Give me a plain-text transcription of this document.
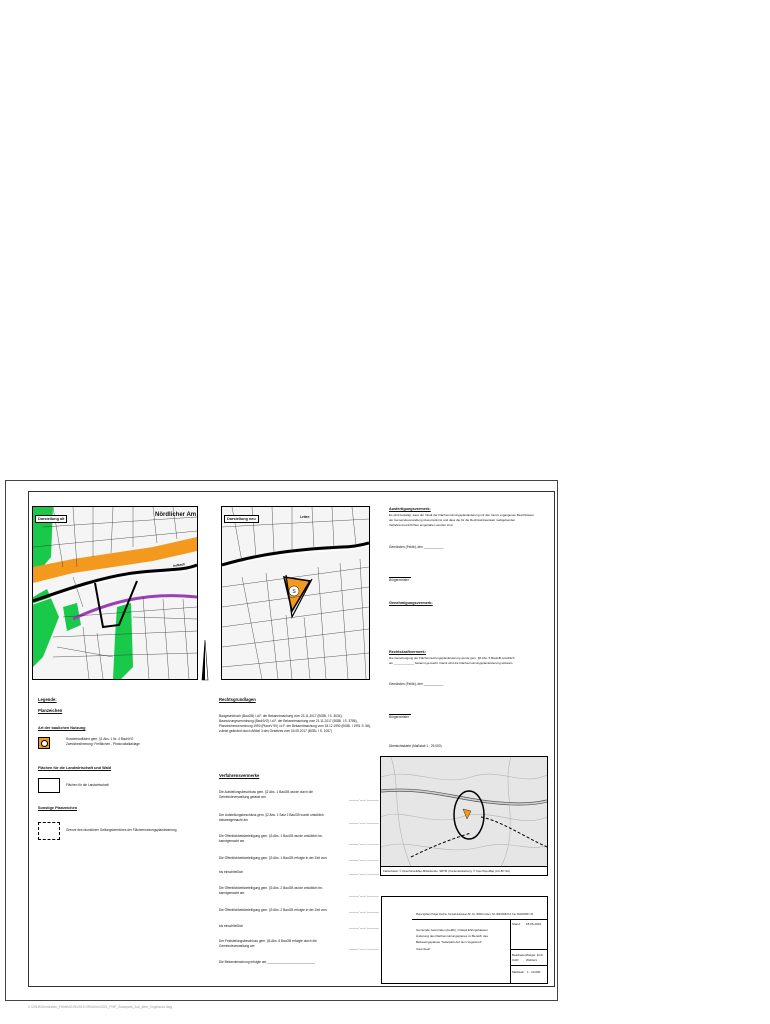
Darstellung alt
Indbach
Nördlicher Am
S
Darstellung neu	Leiten
Legende:
Planzeichen
Art der baulichen Nutzung
Sonderbaufläche gem. §1 Abs. 1 Nr. 4 BauNVO
Zweckbestimmung: Freiflächen - Photovoltaikanlage
Flächen für die Landwirtschaft und Wald
Flächen für die Landwirtschaft
Sonstige Planzeichen
Grenze des räumlichen Geltungsbereiches der Flächennutzungsplanänderung
Rechtsgrundlagen
Baugesetzbuch (BauGB) i.d.F. der Bekanntmachung vom 23.11.2017 (BGBl. I S. 3634),
Baunutzungsverordnung (BauNVO) i.d.F. der Bekanntmachung vom 21.11.2017 (BGBl. I S. 3786),
Planzeichenverordnung 1990 (PlanzV 90) i.d.F. der Bekanntmachung vom 18.12.1990 (BGBl. I 1991 S. 58),
zuletzt geändert durch Artikel 3 des Gesetzes vom 04.05.2017 (BGBl. I S. 1057)
Verfahrensvermerke
Die Aufstellungsbeschluss gem. §2 Abs. 1 BauGB wurde durch die
Gemeindeverwaltung gefasst am	_____.___.______
Der Aufstellungsbeschluss gem. §2 Abs. 1 Satz 2 BauGB wurde ortsüblich
bekanntgemacht am	_____.___.______
Die Öffentlichkeitsbeteiligung gem. §3 Abs. 1 BauGB wurde ortsüblich be-
kanntgemacht am	_____.___.______
Die Öffentlichkeitsbeteiligung gem. §3 Abs. 1 BauGB erfolgte in der Zeit vom	_____.___.______
bis einschließlich	_____.___.______
Die Öffentlichkeitsbeteiligung gem. §3 Abs. 2 BauGB wurde ortsüblich be-
kanntgemacht am	_____.___.______
Die Öffentlichkeitsbeteiligung gem. §3 Abs. 2 BauGB erfolgte in der Zeit vom	_____.___.______
bis einschließlich	_____.___.______
Der Feststellungsbeschluss gem. §6 Abs. 6 BauGB erfolgte durch die
Gemeindeverwaltung am	_____.___.______
Die Bekanntmachung erfolgte am ___________________________
Ausfertigungsvermerk:
Es wird bestätigt, dass der Inhalt der Flächennutzungsplanänderung mit den hierzu ergangenen Beschlüssen
der Gemeindeverwaltung übereinstimmt und dass die für die Rechtswirksamkeit maßgebenden
Verfahrensvorschriften eingehalten worden sind.
Gemünden (Feldb), den ___________
Bürgermeister
Genehmigungsvermerk:
Rechtskraftvermerk:
Die Genehmigung der Flächennutzungsplanänderung wurde gem. §6 Abs. 5 BauGB ortsüblich
am ____________ bekannt gemacht. Damit wird die Flächennutzungsplanänderung wirksam.
Gemünden (Feldb), den ___________
Bürgermeister
Übersichtskarte (Maßstab 1 : 25.000)
Kartenbasis: © OpenStreetMap-Mitwirkende, SRTM | Kartendarstellung: © OpenTopoMap (CC-BY-SA)
Planungsbüro Holger Fischer, Konrad-Adenauer-Str. 16, 35440 Linden, Tel. 06403/9537-0, Fax 06403/9537-30
Gemeinde Gemünden (Feldb), Ortsteil Ehringshausen
Änderung des Flächennutzungsplanes im Bereich des
Bebauungsplanes "Solarpark Auf dem Vogelsrod"
Vorentwurf
Stand: 18.06.2019
Bearbeiter: Weigel, Imdt
CAD: Wohlers
Maßstab: 1 : 10.000
Z:\2016\Gemünden_Feldb\2019\2019-09\Schm\2021_FNP_Solarpark_Auf_dem_Vogelsrod.dwg
